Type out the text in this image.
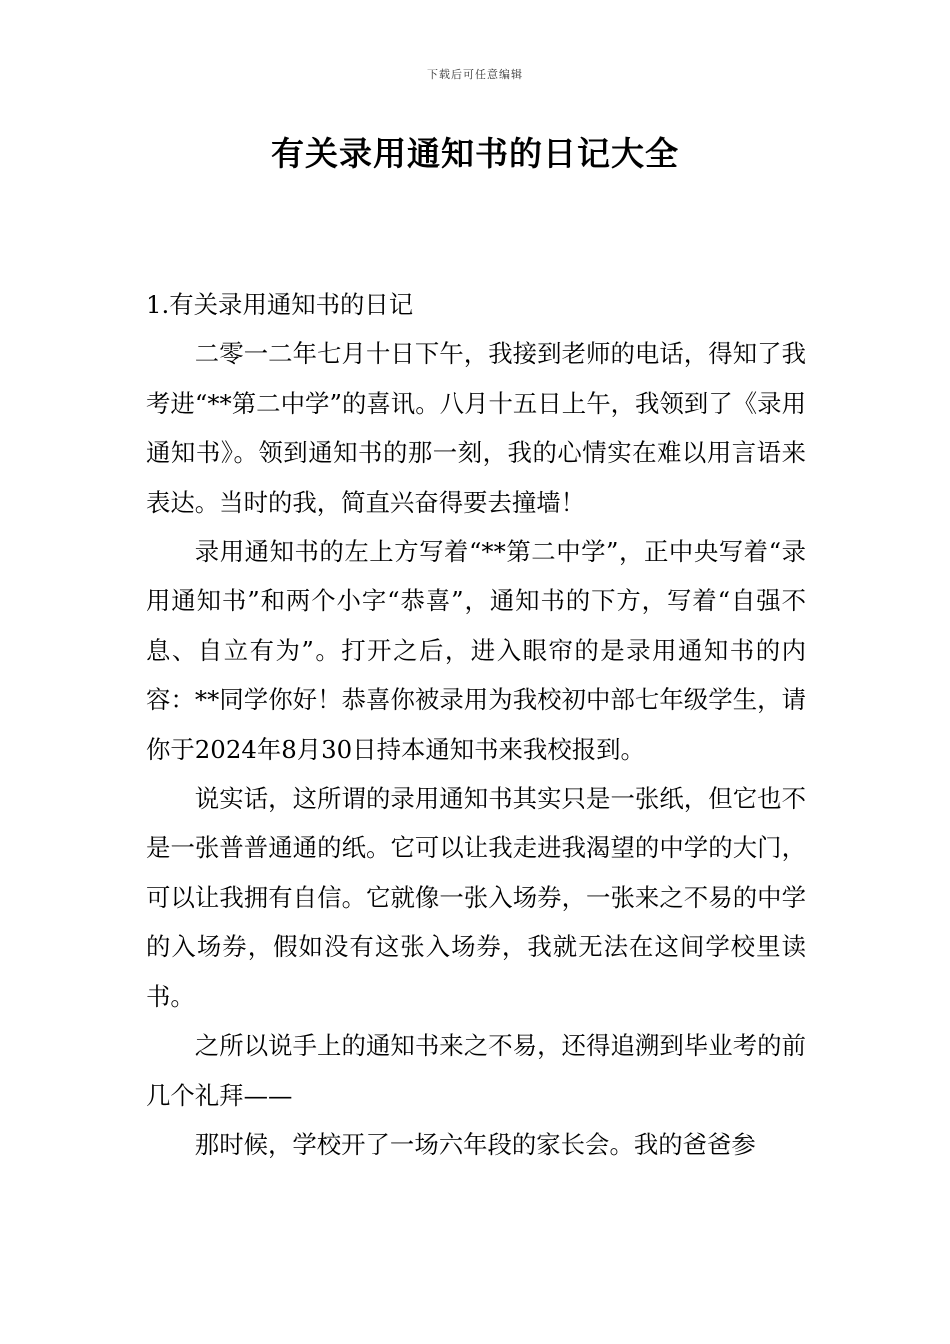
下载后可任意编辑
有关录用通知书的日记大全
1.有关录用通知书的日记

二零一二年七月十日下午，我接到老师的电话，得知了我考进“**第二中学”的喜讯。八月十五日上午，我领到了《录用通知书》。领到通知书的那一刻，我的心情实在难以用言语来表达。当时的我，简直兴奋得要去撞墙！

录用通知书的左上方写着“**第二中学”，正中央写着“录用通知书”和两个小字“恭喜”，通知书的下方，写着“自强不息、自立有为”。打开之后，进入眼帘的是录用通知书的内容：**同学你好！恭喜你被录用为我校初中部七年级学生，请你于2024年8月30日持本通知书来我校报到。

说实话，这所谓的录用通知书其实只是一张纸，但它也不是一张普普通通的纸。它可以让我走进我渴望的中学的大门，可以让我拥有自信。它就像一张入场券，一张来之不易的中学的入场券，假如没有这张入场券，我就无法在这间学校里读书。

之所以说手上的通知书来之不易，还得追溯到毕业考的前几个礼拜——

那时候，学校开了一场六年段的家长会。我的爸爸参
